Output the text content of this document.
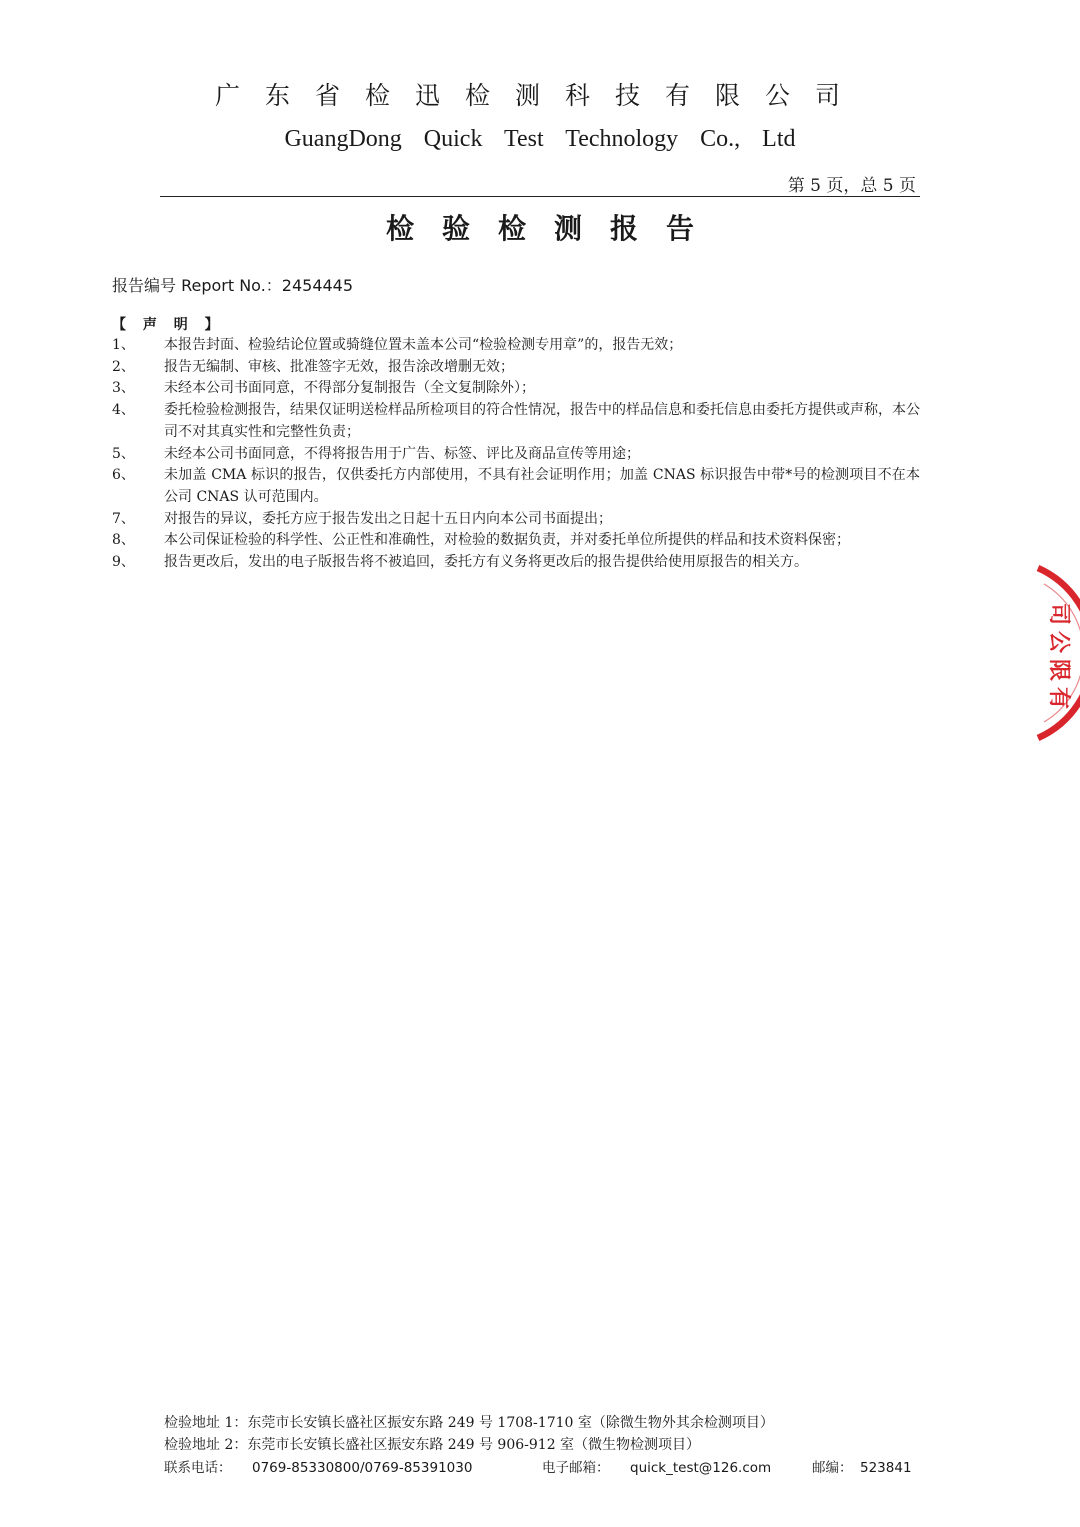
广东省检迅检测科技有限公司
GuangDong Quick Test Technology Co., Ltd
第 5 页，总 5 页
检验检测报告
报告编号 Report No.：2454445
【 声 明 】
1、 本报告封面、检验结论位置或骑缝位置未盖本公司“检验检测专用章”的，报告无效；
2、 报告无编制、审核、批准签字无效，报告涂改增删无效；
3、 未经本公司书面同意，不得部分复制报告（全文复制除外）；
4、 委托检验检测报告，结果仅证明送检样品所检项目的符合性情况，报告中的样品信息和委托信息由委托方提供或声称，本公司不对其真实性和完整性负责；
5、 未经本公司书面同意，不得将报告用于广告、标签、评比及商品宣传等用途；
6、 未加盖 CMA 标识的报告，仅供委托方内部使用，不具有社会证明作用；加盖 CNAS 标识报告中带*号的检测项目不在本公司 CNAS 认可范围内。
7、 对报告的异议，委托方应于报告发出之日起十五日内向本公司书面提出；
8、 本公司保证检验的科学性、公正性和准确性，对检验的数据负责，并对委托单位所提供的样品和技术资料保密；
9、 报告更改后，发出的电子版报告将不被追回，委托方有义务将更改后的报告提供给使用原报告的相关方。
司公限有
检验地址 1：东莞市长安镇长盛社区振安东路 249 号 1708-1710 室（除微生物外其余检测项目）
检验地址 2：东莞市长安镇长盛社区振安东路 249 号 906-912 室（微生物检测项目）
联系电话： 0769-85330800/0769-85391030	电子邮箱： quick_test@126.com	邮编： 523841
